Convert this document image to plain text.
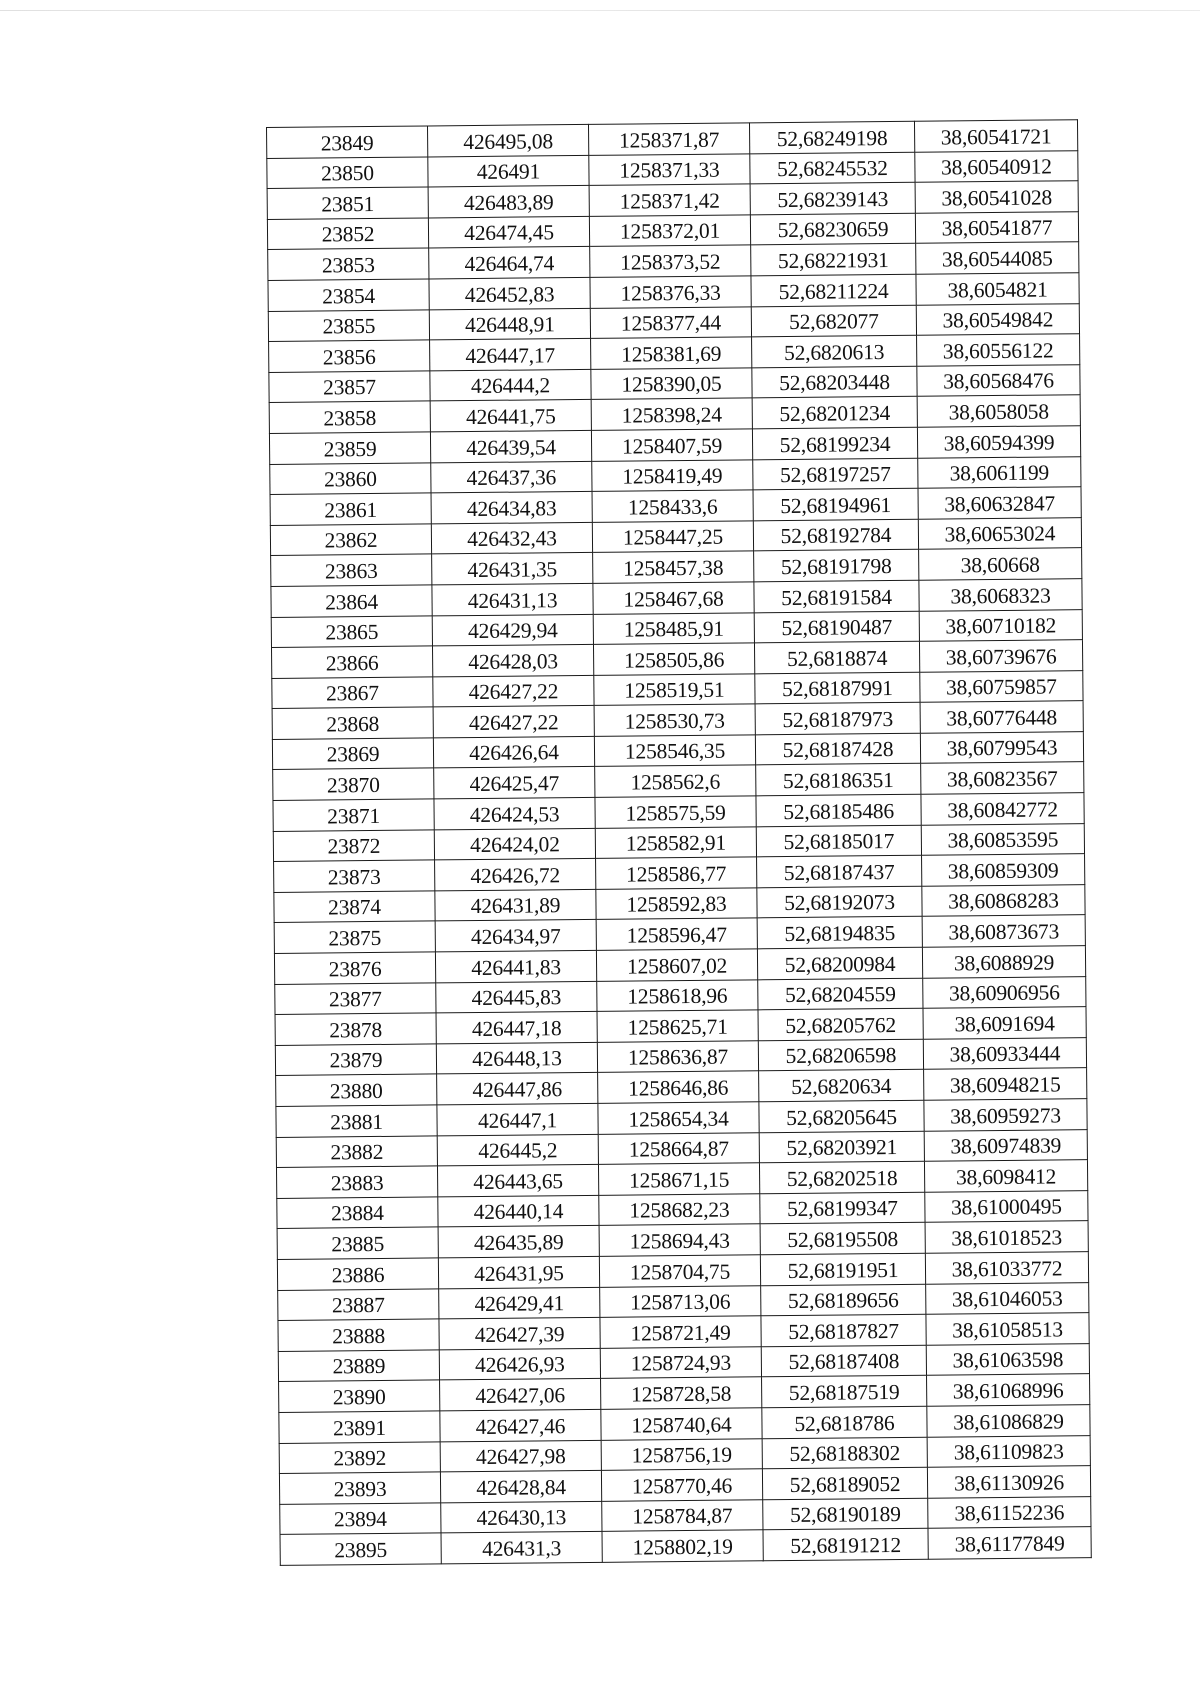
23849	426495,08	1258371,87	52,68249198	38,60541721
23850	426491	1258371,33	52,68245532	38,60540912
23851	426483,89	1258371,42	52,68239143	38,60541028
23852	426474,45	1258372,01	52,68230659	38,60541877
23853	426464,74	1258373,52	52,68221931	38,60544085
23854	426452,83	1258376,33	52,68211224	38,6054821
23855	426448,91	1258377,44	52,682077	38,60549842
23856	426447,17	1258381,69	52,6820613	38,60556122
23857	426444,2	1258390,05	52,68203448	38,60568476
23858	426441,75	1258398,24	52,68201234	38,6058058
23859	426439,54	1258407,59	52,68199234	38,60594399
23860	426437,36	1258419,49	52,68197257	38,6061199
23861	426434,83	1258433,6	52,68194961	38,60632847
23862	426432,43	1258447,25	52,68192784	38,60653024
23863	426431,35	1258457,38	52,68191798	38,60668
23864	426431,13	1258467,68	52,68191584	38,6068323
23865	426429,94	1258485,91	52,68190487	38,60710182
23866	426428,03	1258505,86	52,6818874	38,60739676
23867	426427,22	1258519,51	52,68187991	38,60759857
23868	426427,22	1258530,73	52,68187973	38,60776448
23869	426426,64	1258546,35	52,68187428	38,60799543
23870	426425,47	1258562,6	52,68186351	38,60823567
23871	426424,53	1258575,59	52,68185486	38,60842772
23872	426424,02	1258582,91	52,68185017	38,60853595
23873	426426,72	1258586,77	52,68187437	38,60859309
23874	426431,89	1258592,83	52,68192073	38,60868283
23875	426434,97	1258596,47	52,68194835	38,60873673
23876	426441,83	1258607,02	52,68200984	38,6088929
23877	426445,83	1258618,96	52,68204559	38,60906956
23878	426447,18	1258625,71	52,68205762	38,6091694
23879	426448,13	1258636,87	52,68206598	38,60933444
23880	426447,86	1258646,86	52,6820634	38,60948215
23881	426447,1	1258654,34	52,68205645	38,60959273
23882	426445,2	1258664,87	52,68203921	38,60974839
23883	426443,65	1258671,15	52,68202518	38,6098412
23884	426440,14	1258682,23	52,68199347	38,61000495
23885	426435,89	1258694,43	52,68195508	38,61018523
23886	426431,95	1258704,75	52,68191951	38,61033772
23887	426429,41	1258713,06	52,68189656	38,61046053
23888	426427,39	1258721,49	52,68187827	38,61058513
23889	426426,93	1258724,93	52,68187408	38,61063598
23890	426427,06	1258728,58	52,68187519	38,61068996
23891	426427,46	1258740,64	52,6818786	38,61086829
23892	426427,98	1258756,19	52,68188302	38,61109823
23893	426428,84	1258770,46	52,68189052	38,61130926
23894	426430,13	1258784,87	52,68190189	38,61152236
23895	426431,3	1258802,19	52,68191212	38,61177849
